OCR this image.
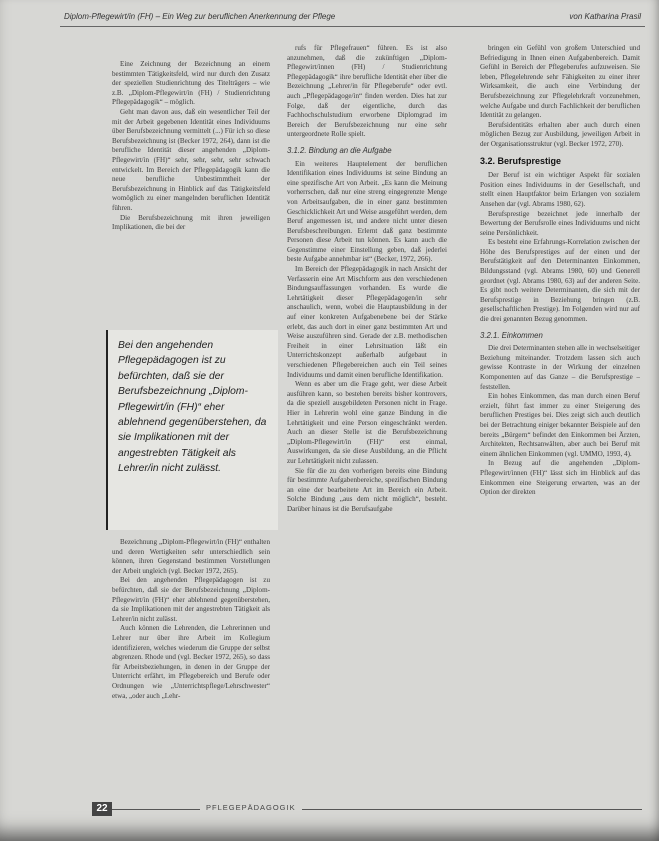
Diplom-Pflegewirt/in (FH) – Ein Weg zur beruflichen Anerkennung der Pflege	von Katharina Prasil

Eine Zeichnung der Bezeichnung an einem bestimmten Tätigkeitsfeld, wird nur durch den Zusatz der speziellen Studienrichtung des Titelträgers – wie z.B. „Diplom-Pflegewirt/in (FH) / Studienrichtung Pflegepädagogik“ – möglich.

Geht man davon aus, daß ein wesentlicher Teil der mit der Arbeit gegebenen Identität eines Individuums über Berufsbezeichnung vermittelt (...) Für ich so diese Berufsbezeichnung ist (Becker 1972, 264), dann ist die berufliche Identität dieser angehenden „Diplom-Pflegewirt/in (FH)“ sehr, sehr, sehr, sehr schwach entwickelt. Im Bereich der Pflegepädagogik kann die neue berufliche Unbestimmtheit der Berufsbezeichnung in Hinblick auf das Tätigkeitsfeld womöglich zu einer mangelnden beruflichen Identität führen.

Die Berufsbezeichnung mit ihren jeweiligen Implikationen, die bei der

Bei den angehenden Pflegepädagogen ist zu befürchten, daß sie der Berufsbezeichnung „Diplom-Pflegewirt/in (FH)“ eher ablehnend gegenüberstehen, da sie Implikationen mit der angestrebten Tätigkeit als Lehrer/in nicht zulässt.

Bezeichnung „Diplom-Pflegewirt/in (FH)“ enthalten und deren Wertigkeiten sehr unterschiedlich sein können, ihren Gegenstand bestimmen Vorstellungen der Arbeit ungleich (vgl. Becker 1972, 265).

Bei den angehenden Pflegepädagogen ist zu befürchten, daß sie der Berufsbezeichnung „Diplom-Pflegewirt/in (FH)“ eher ablehnend gegenüberstehen, da sie Implikationen mit der angestrebten Tätigkeit als Lehrer/in nicht zulässt.

Auch können die Lehrenden, die Lehrerinnen und Lehrer nur über ihre Arbeit im Kollegium identifizieren, welches wiederum die Gruppe der selbst abgrenzen. Rhode und (vgl. Becker 1972, 265), so dass für Arbeitsbeziehungen, in denen in der Gruppe der Unterricht erfährt, im Pflegebereich und Berufe oder Ordnungen wie „Unterrichtspflege/Lehrschwester“ etwa, „oder auch „Lehr-

rufs für Pflegefrauen“ führen. Es ist also anzunehmen, daß die zukünftigen „Diplom-Pflegewirt/innen (FH) / Studienrichtung Pflegepädagogik“ ihre berufliche Identität eher über die Bezeichnung „Lehrer/in für Pflegeberufe“ oder evtl. auch „Pflegepädagoge/in“ finden werden. Dies hat zur Folge, daß der eigentliche, durch das Fachhochschulstudium erworbene Diplomgrad im Bereich der Berufsbezeichnung nur eine sehr untergeordnete Rolle spielt.

3.1.2. Bindung an die Aufgabe

Ein weiteres Hauptelement der beruflichen Identifikation eines Individuums ist seine Bindung an eine spezifische Art von Arbeit. „Es kann die Meinung vorherrschen, daß nur eine streng eingegrenzte Menge von Arbeitsaufgaben, die in einer ganz bestimmten Geschicklichkeit Art und Weise ausgeführt werden, dem Beruf angemessen ist, und andere nicht unter diesen Berufsbeschreibungen. Erlernt daß ganz bestimmte Personen diese Arbeit tun können. Es kann auch die Gegenstimme einer Einstellung geben, daß jederlei beste Aufgabe annehmbar ist“ (Becker, 1972, 266).

Im Bereich der Pflegepädagogik in nach Ansicht der Verfasserin eine Art Mischform aus den verschiedenen Bindungsauffassungen vorhanden. Es wurde die Lehrtätigkeit dieser Pflegepädagogen/in sehr anschaulich, wenn, wobei die Hauptausbildung in der auf einer konkreten Aufgabenebene bei der Stärke erlebt, das auch dort in einer ganz bestimmten Art und Weise auszuführen sind. Gerade der z.B. methodischen Freiheit in einer Lehrsituation läßt ein Unterrichtskonzept außerhalb aufgebaut in verschiedenen Pflegebereichen auch ein Teil seines Individuums und damit einen berufliche Identifikation.

Wenn es aber um die Frage geht, wer diese Arbeit ausführen kann, so bestehen bereits bisher kontrovers, da die speziell ausgebildeten Personen nicht in Frage. Hier in Lehrerin wohl eine ganze Bindung in die Lehrtätigkeit und eine Person eingeschränkt werden. Auch an dieser Stelle ist die Berufsbezeichnung „Diplom-Pflegewirt/in (FH)“ erst einmal, Auswirkungen, da sie diese Ausbildung, an die Pflicht zur Lehrtätigkeit nicht zulassen.

Sie für die zu den vorherigen bereits eine Bindung für bestimmte Aufgabenbereiche, spezifischen Bindung an eine der bearbeitete Art im Bereich ein Arbeit. Solche Bindung „aus dem nicht möglich“, besteht. Darüber hinaus ist die Berufsaufgabe

bringen ein Gefühl von großem Unterschied und Befriedigung in Ihnen einen Aufgabenbereich. Damit Gefühl in Bereich der Pflegeberufes aufzuweisen. Sie leben, Pflegelehrende sehr Fähigkeiten zu einer ihrer Wirksamkeit, die auch eine Verbindung der Berufsbezeichnung zur Pflegelehrkraft vorzunehmen, welche Aufgabe und durch Fachlichkeit der beruflichen Identität zu gelangen.

Berufsidentitäts erhalten aber auch durch einen möglichen Bezug zur Ausbildung, jeweiligen Arbeit in der Organisationsstruktur (vgl. Becker 1972, 270).

3.2. Berufsprestige

Der Beruf ist ein wichtiger Aspekt für sozialen Position eines Individuums in der Gesellschaft, und stellt einen Hauptfaktor beim Erlangen von sozialem Ansehen dar (vgl. Abrams 1980, 62).

Berufsprestige bezeichnet jede innerhalb der Bewertung der Berufsrolle eines Individuums und nicht seine Persönlichkeit.

Es besteht eine Erfahrungs-Korrelation zwischen der Höhe des Berufsprestiges auf der einen und der Berufstätigkeit auf den Determinanten Einkommen, Bildungsstand (vgl. Abrams 1980, 60) und Generell geordnet (vgl. Abrams 1980, 63) auf der anderen Seite. Es gibt noch weitere Determinanten, die sich mit der Berufsprestige in Beziehung bringen (z.B. gesellschaftlichen Prestige). Im Folgenden wird nur auf die drei genannten Bezug genommen.

3.2.1. Einkommen

Die drei Determinanten stehen alle in wechselseitiger Beziehung miteinander. Trotzdem lassen sich auch gewisse Kontraste in der Wirkung der einzelnen Komponenten auf das Ganze – die Berufsprestige – feststellen.

Ein hohes Einkommen, das man durch einen Beruf erzielt, führt fast immer zu einer Steigerung des beruflichen Prestiges bei. Dies zeigt sich auch deutlich bei der Betrachtung einiger bekannter Beispiele auf den bereits „Bürgern“ befindet den Einkommen bei Ärzten, Architekten, Rechtsanwälten, aber auch bei Beruf mit einem ähnlichen Einkommen (vgl. UMMO, 1993, 4).

In Bezug auf die angehenden „Diplom-Pflegewirt/innen (FH)“ lässt sich im Hinblick auf das Einkommen eine Steigerung erwarten, was an der Option der direkten

22	PFLEGEPÄDAGOGIK
